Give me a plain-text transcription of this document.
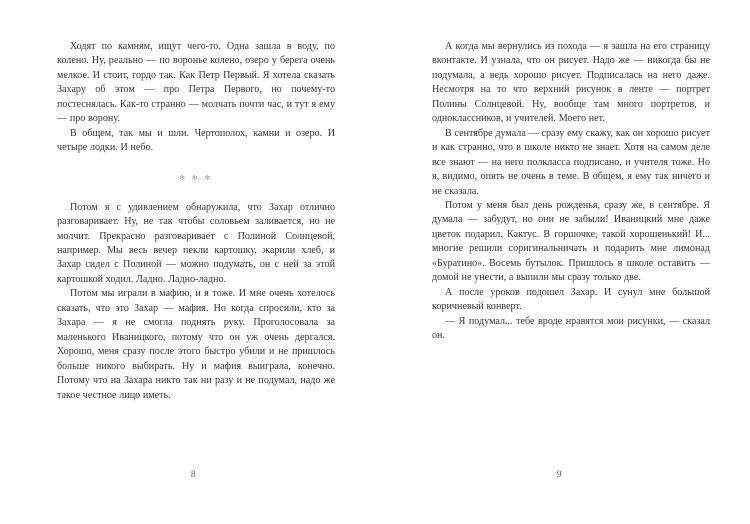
Ходят по камням, ищут чего-то. Одна зашла в воду, по колено. Ну, реально — по воронье колено, озеро у берега очень мелкое. И стоит, гордо так. Как Петр Первый. Я хотела сказать Захару об этом — про Петра Первого, но почему-то постеснялась. Как-то странно — молчать почти час, и тут я ему — про ворону.

В общем, так мы и шли. Чертополох, камни и озеро. И четыре лодки. И небо.

✻ ✻ ✻

Потом я с удивлением обнаружила, что Захар отлично разговаривает. Ну, не так чтобы соловьем заливается, но не молчит. Прекрасно разговаривает с Полиной Солнцевой, например. Мы весь вечер пекли картошку, жарили хлеб, и Захар сидел с Полиной — можно подумать, он с ней за этой картошкой ходил. Ладно. Ладно-ладно.

Потом мы играли в мафию, и я тоже. И мне очень хотелось сказать, что это Захар — мафия. Но когда спросили, кто за Захара — я не смогла поднять руку. Проголосовала за маленького Иваницкого, потому что он уж очень дергался. Хорошо, меня сразу после этого быстро убили и не пришлось больше никого выбирать. Ну и мафия выиграла, конечно. Потому что на Захара никто так ни разу и не подумал, надо же такое честное лицо иметь.

8

А когда мы вернулись из похода — я зашла на его страницу вконтакте. И узнала, что он рисует. Надо же — никогда бы не подумала, а ведь хорошо рисует. Подписалась на него даже. Несмотря на то что верхний рисунок в ленте — портрет Полины Солнцевой. Ну, вообще там много портретов, и одноклассников, и учителей. Моего нет.

В сентябре думала — сразу ему скажу, как он хорошо рисует и как странно, что в школе никто не знает. Хотя на самом деле все знают — на него полкласса подписано, и учителя тоже. Но я, видимо, опять не очень в теме. В общем, я ему так ничего и не сказала.

Потом у меня был день рожденья, сразу же, в сентябре. Я думала — забудут, но они не забыли! Иваницкий мне даже цветок подарил. Кактус. В горшочке, такой хорошенький! И... многие решили соригинальничать и подарить мне лимонад «Буратино». Восемь бутылок. Пришлось в школе оставить — домой не унести, а выпили мы сразу только две.

А после уроков подошел Захар. И сунул мне большой коричневый конверт.

— Я подумал... тебе вроде нравятся мои рисунки, — сказал он.

9
